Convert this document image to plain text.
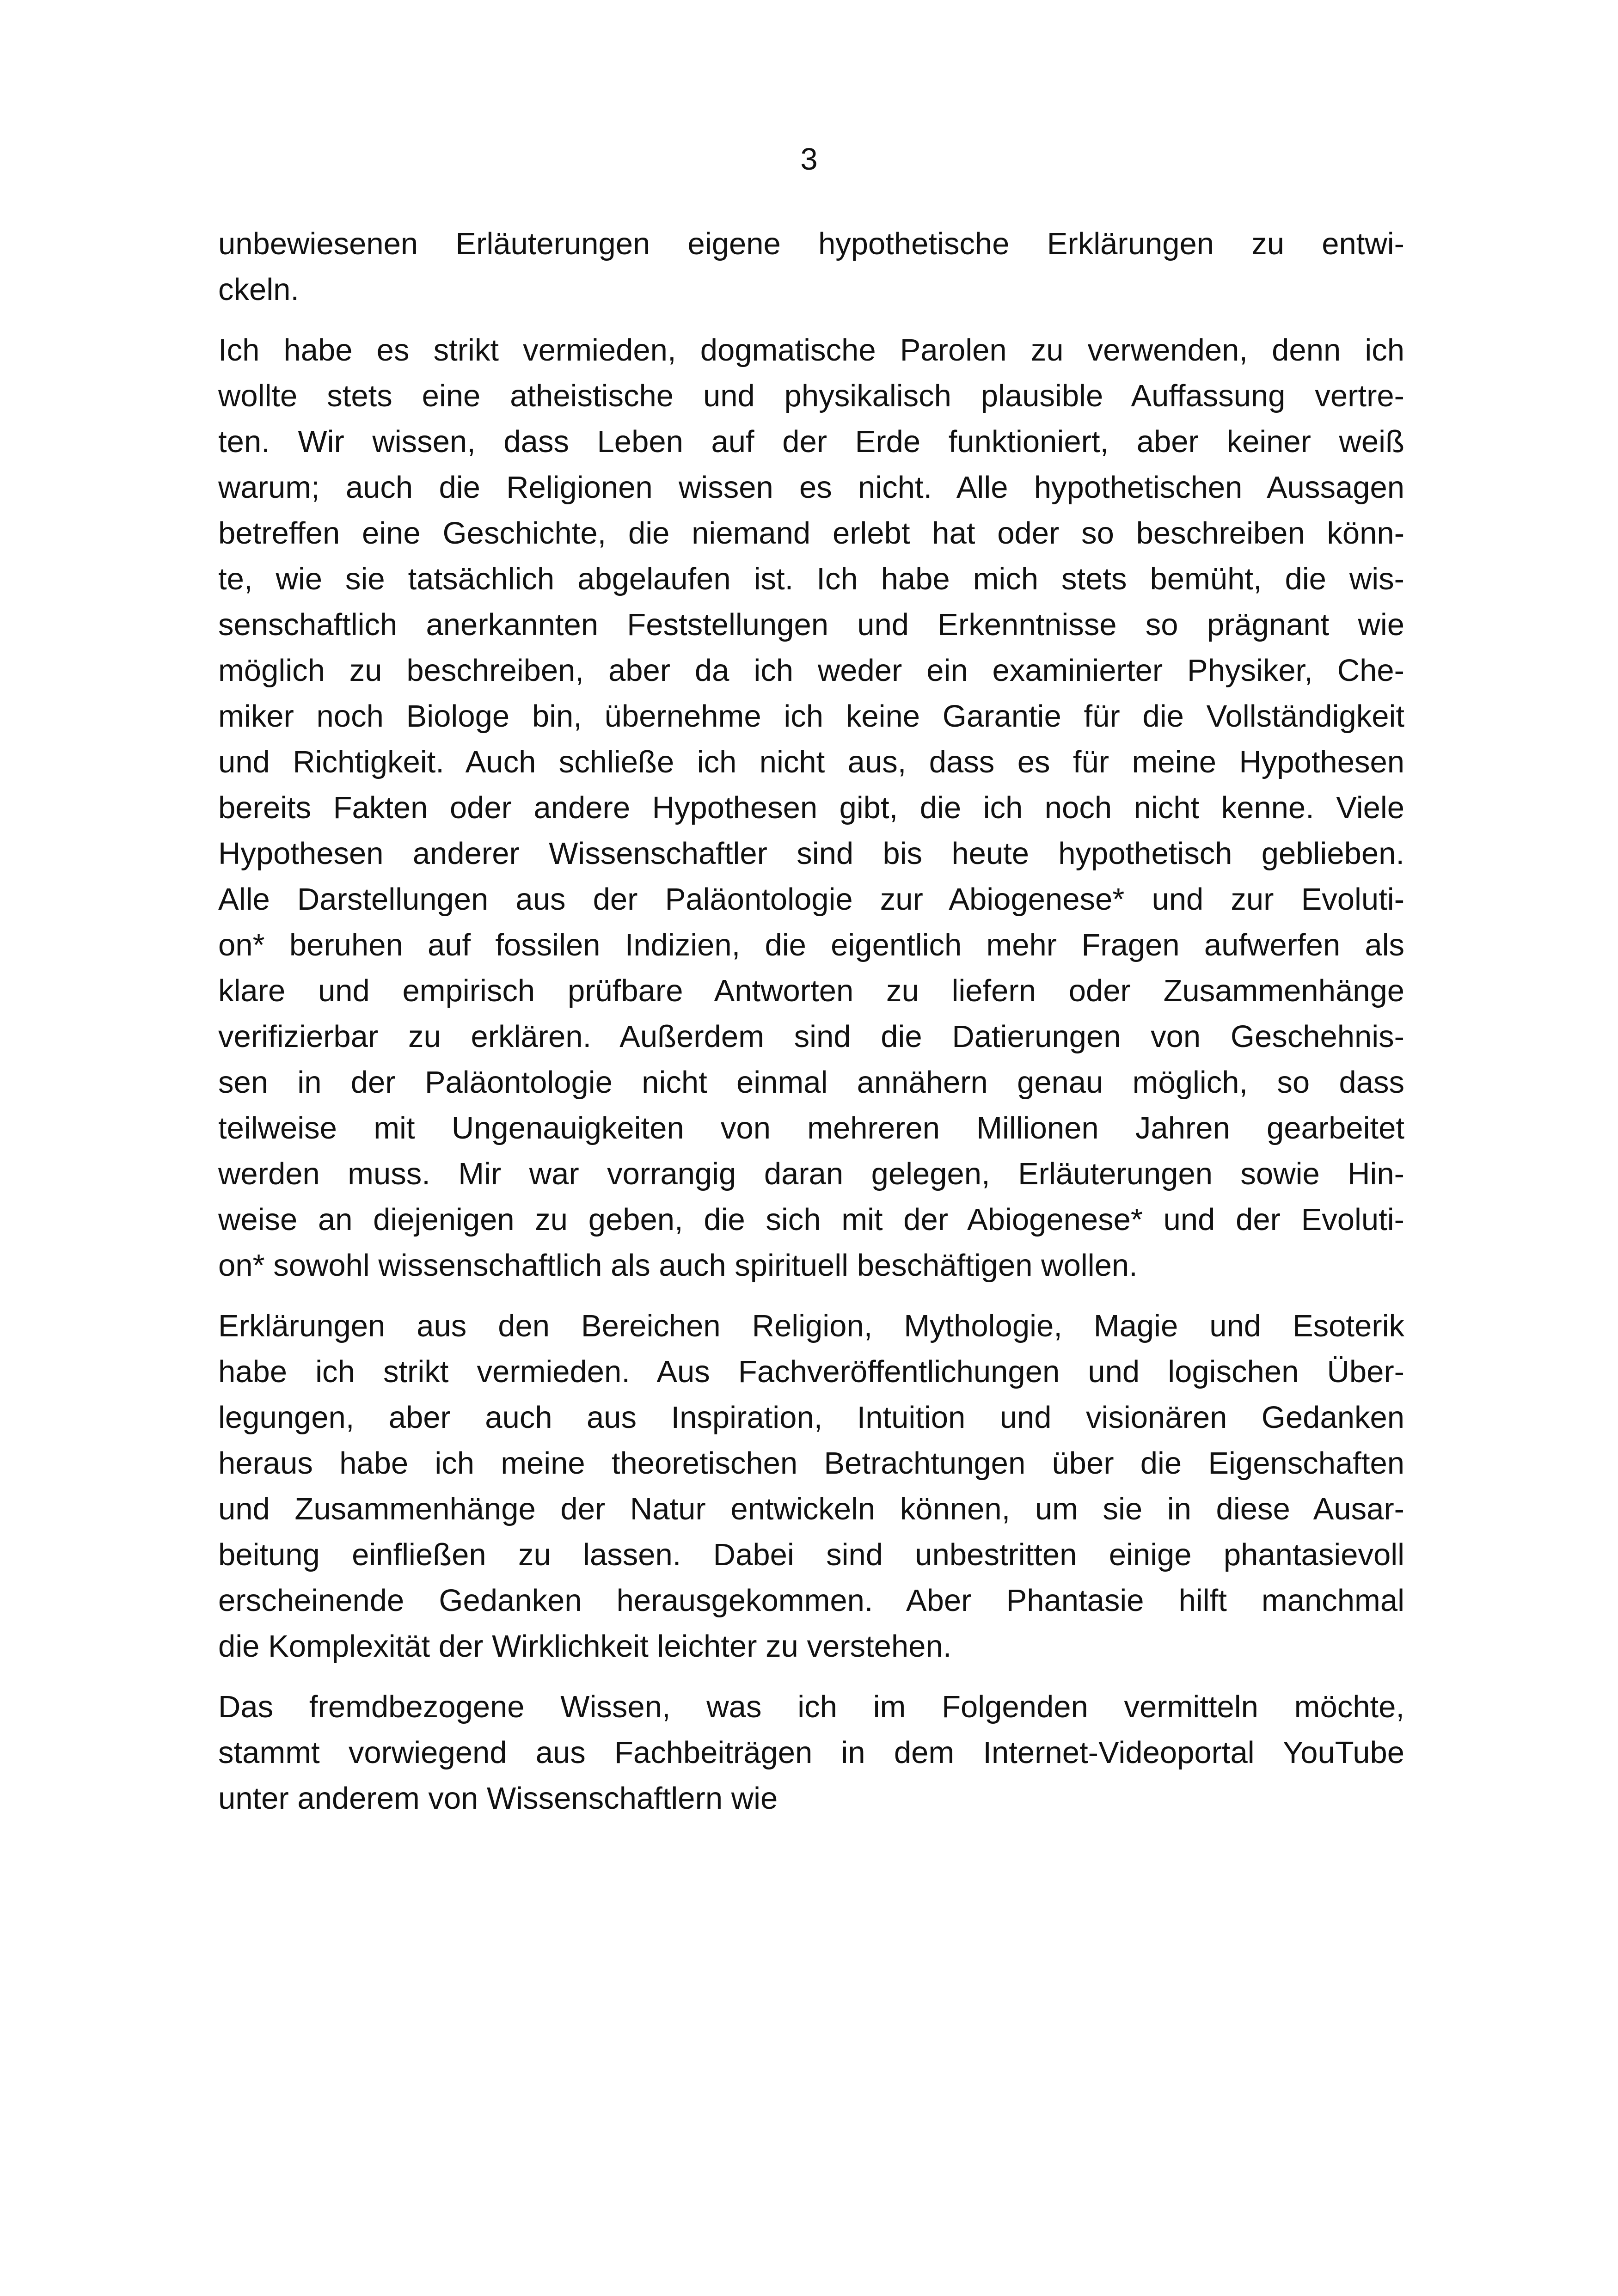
3
unbewiesenen Erläuterungen eigene hypothetische Erklärungen zu entwi-
ckeln.
Ich habe es strikt vermieden, dogmatische Parolen zu verwenden, denn ich
wollte stets eine atheistische und physikalisch plausible Auffassung vertre-
ten. Wir wissen, dass Leben auf der Erde funktioniert, aber keiner weiß
warum; auch die Religionen wissen es nicht. Alle hypothetischen Aussagen
betreffen eine Geschichte, die niemand erlebt hat oder so beschreiben könn-
te, wie sie tatsächlich abgelaufen ist. Ich habe mich stets bemüht, die wis-
senschaftlich anerkannten Feststellungen und Erkenntnisse so prägnant wie
möglich zu beschreiben, aber da ich weder ein examinierter Physiker, Che-
miker noch Biologe bin, übernehme ich keine Garantie für die Vollständigkeit
und Richtigkeit. Auch schließe ich nicht aus, dass es für meine Hypothesen
bereits Fakten oder andere Hypothesen gibt, die ich noch nicht kenne. Viele
Hypothesen anderer Wissenschaftler sind bis heute hypothetisch geblieben.
Alle Darstellungen aus der Paläontologie zur Abiogenese* und zur Evoluti-
on* beruhen auf fossilen Indizien, die eigentlich mehr Fragen aufwerfen als
klare und empirisch prüfbare Antworten zu liefern oder Zusammenhänge
verifizierbar zu erklären. Außerdem sind die Datierungen von Geschehnis-
sen in der Paläontologie nicht einmal annähern genau möglich, so dass
teilweise mit Ungenauigkeiten von mehreren Millionen Jahren gearbeitet
werden muss. Mir war vorrangig daran gelegen, Erläuterungen sowie Hin-
weise an diejenigen zu geben, die sich mit der Abiogenese* und der Evoluti-
on* sowohl wissenschaftlich als auch spirituell beschäftigen wollen.
Erklärungen aus den Bereichen Religion, Mythologie, Magie und Esoterik
habe ich strikt vermieden. Aus Fachveröffentlichungen und logischen Über-
legungen, aber auch aus Inspiration, Intuition und visionären Gedanken
heraus habe ich meine theoretischen Betrachtungen über die Eigenschaften
und Zusammenhänge der Natur entwickeln können, um sie in diese Ausar-
beitung einfließen zu lassen. Dabei sind unbestritten einige phantasievoll
erscheinende Gedanken herausgekommen. Aber Phantasie hilft manchmal
die Komplexität der Wirklichkeit leichter zu verstehen.
Das fremdbezogene Wissen, was ich im Folgenden vermitteln möchte,
stammt vorwiegend aus Fachbeiträgen in dem Internet-Videoportal YouTube
unter anderem von Wissenschaftlern wie
